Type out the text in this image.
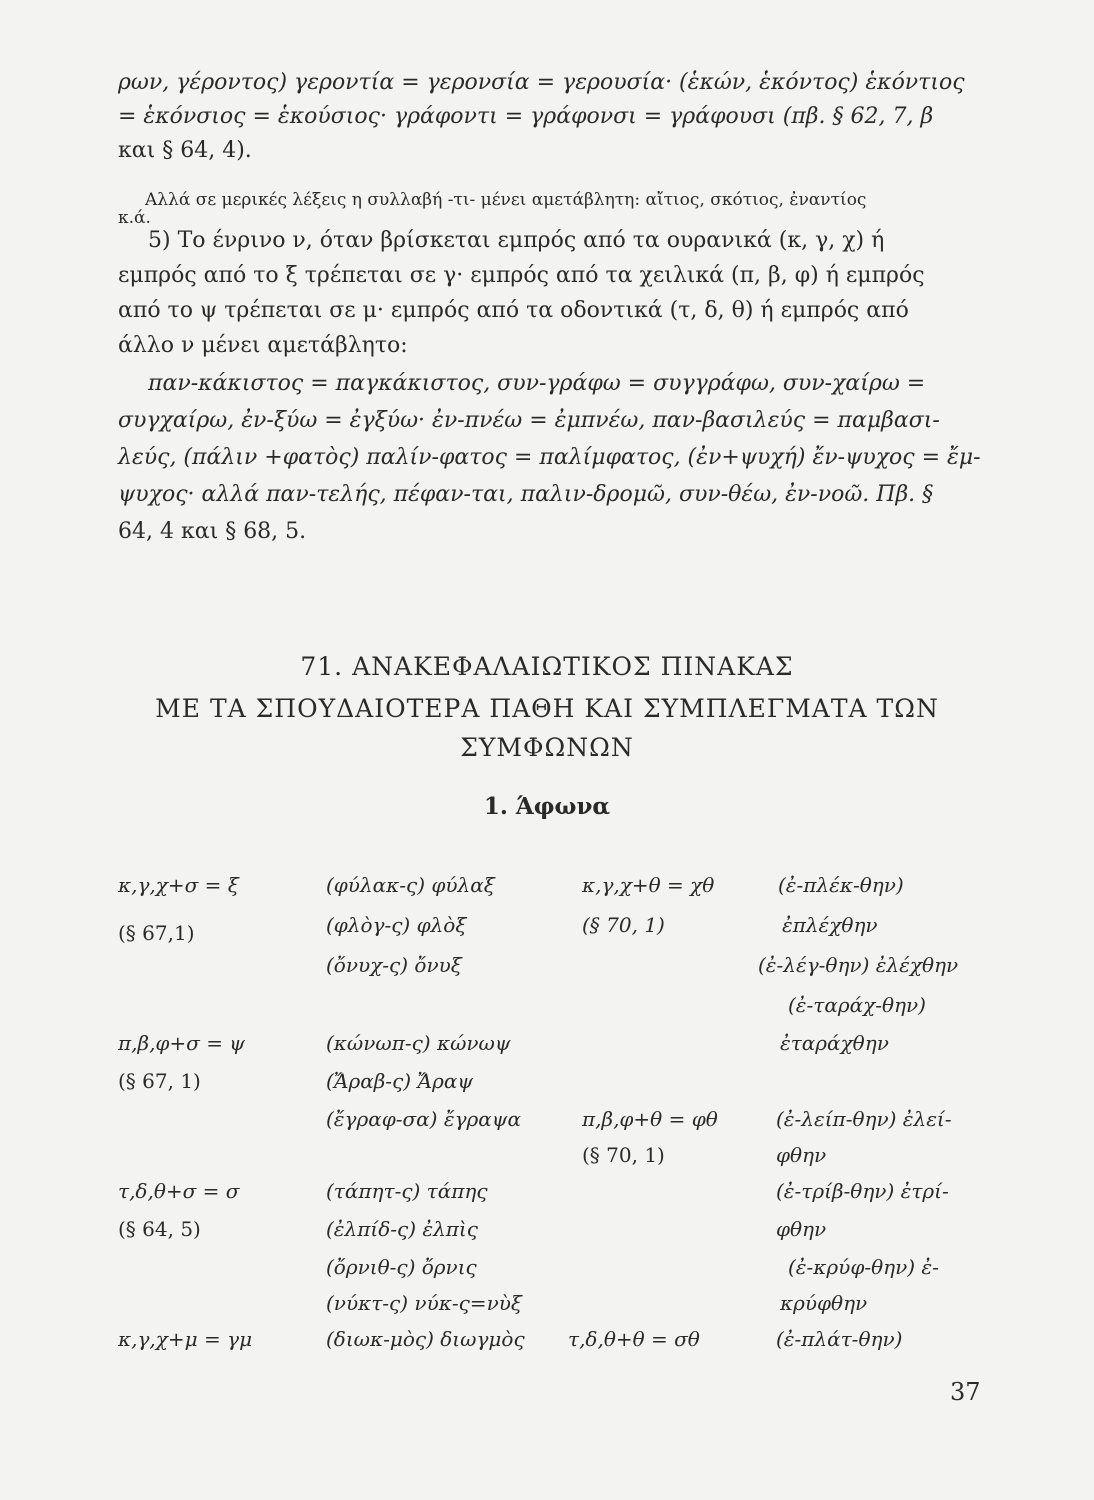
ρων, γέροντος) γεροντία = γερονσία = γερουσία· (ἑκών, ἑκόντος) ἑκόντιος
= ἑκόνσιος = ἑκούσιος· γράφοντι = γράφονσι = γράφουσι (πβ. § 62, 7, β
και § 64, 4).
Αλλά σε μερικές λέξεις η συλλαβή -τι- μένει αμετάβλητη: αἴτιος, σκότιος, ἐναντίος
κ.ά.
5) Το ένρινο ν, όταν βρίσκεται εμπρός από τα ουρανικά (κ, γ, χ) ή
εμπρός από το ξ τρέπεται σε γ· εμπρός από τα χειλικά (π, β, φ) ή εμπρός
από το ψ τρέπεται σε μ· εμπρός από τα οδοντικά (τ, δ, θ) ή εμπρός από
άλλο ν μένει αμετάβλητο:
παν-κάκιστος = παγκάκιστος, συν-γράφω = συγγράφω, συν-χαίρω =
συγχαίρω, ἐν-ξύω = ἐγξύω· ἐν-πνέω = ἐμπνέω, παν-βασιλεύς = παμβασι-
λεύς, (πάλιν +φατὸς) παλίν-φατος = παλίμφατος, (ἐν+ψυχή) ἔν-ψυχος = ἔμ-
ψυχος· αλλά παν-τελής, πέφαν-ται, παλιν-δρομῶ, συν-θέω, ἐν-νοῶ. Πβ. §
64, 4 και § 68, 5.
71. ΑΝΑΚΕΦΑΛΑΙΩΤΙΚΟΣ ΠΙΝΑΚΑΣ
ΜΕ ΤΑ ΣΠΟΥΔΑΙΟΤΕΡΑ ΠΑΘΗ ΚΑΙ ΣΥΜΠΛΕΓΜΑΤΑ ΤΩΝ
ΣΥΜΦΩΝΩΝ
1. Άφωνα
κ,γ,χ+σ = ξ
(§ 67,1)
π,β,φ+σ = ψ
(§ 67, 1)
τ,δ,θ+σ = σ
(§ 64, 5)
κ,γ,χ+μ = γμ
(φύλακ-ς) φύλαξ
(φλὸγ-ς) φλὸξ
(ὄνυχ-ς) ὄνυξ
(κώνωπ-ς) κώνωψ
(Ἄραβ-ς) Ἄραψ
(ἔγραφ-σα) ἔγραψα
(τάπητ-ς) τάπης
(ἐλπίδ-ς) ἐλπὶς
(ὄρνιθ-ς) ὄρνις
(νύκτ-ς) νύκ-ς=νὺξ
(διωκ-μὸς) διωγμὸς
κ,γ,χ+θ = χθ
(§ 70, 1)
π,β,φ+θ = φθ
(§ 70, 1)
τ,δ,θ+θ = σθ
(ἐ-πλέκ-θην)
ἐπλέχθην
(ἐ-λέγ-θην) ἐλέχθην
(ἐ-ταράχ-θην)
ἐταράχθην
(ἐ-λείπ-θην) ἐλεί-
φθην
(ἐ-τρίβ-θην) ἐτρί-
φθην
(ἐ-κρύφ-θην) ἐ-
κρύφθην
(ἐ-πλάτ-θην)
37
